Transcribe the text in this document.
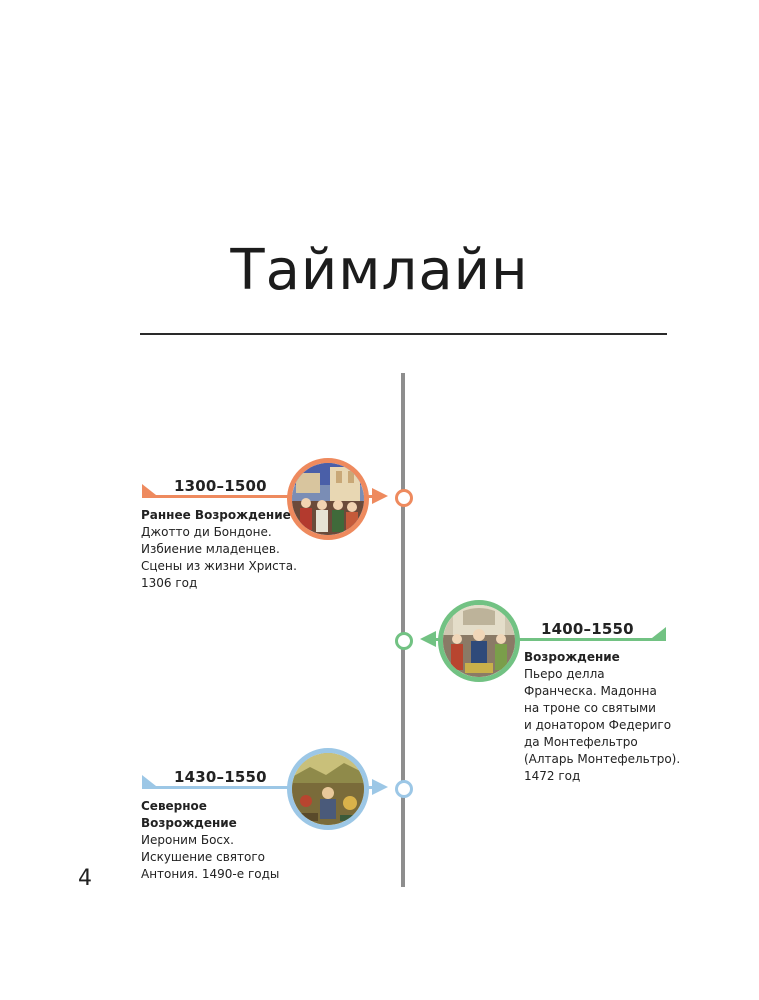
Таймлайн
1300–1500
Раннее Возрождение
Джотто ди Бондоне.
Избиение младенцев.
Сцены из жизни Христа.
1306 год
1400–1550
Возрождение
Пьеро делла
Франческа. Мадонна
на троне со святыми
и донатором Федериго
да Монтефельтро
(Алтарь Монтефельтро).
1472 год
1430–1550
Северное Возрождение
Иероним Босх.
Искушение святого
Антония. 1490-е годы
4
